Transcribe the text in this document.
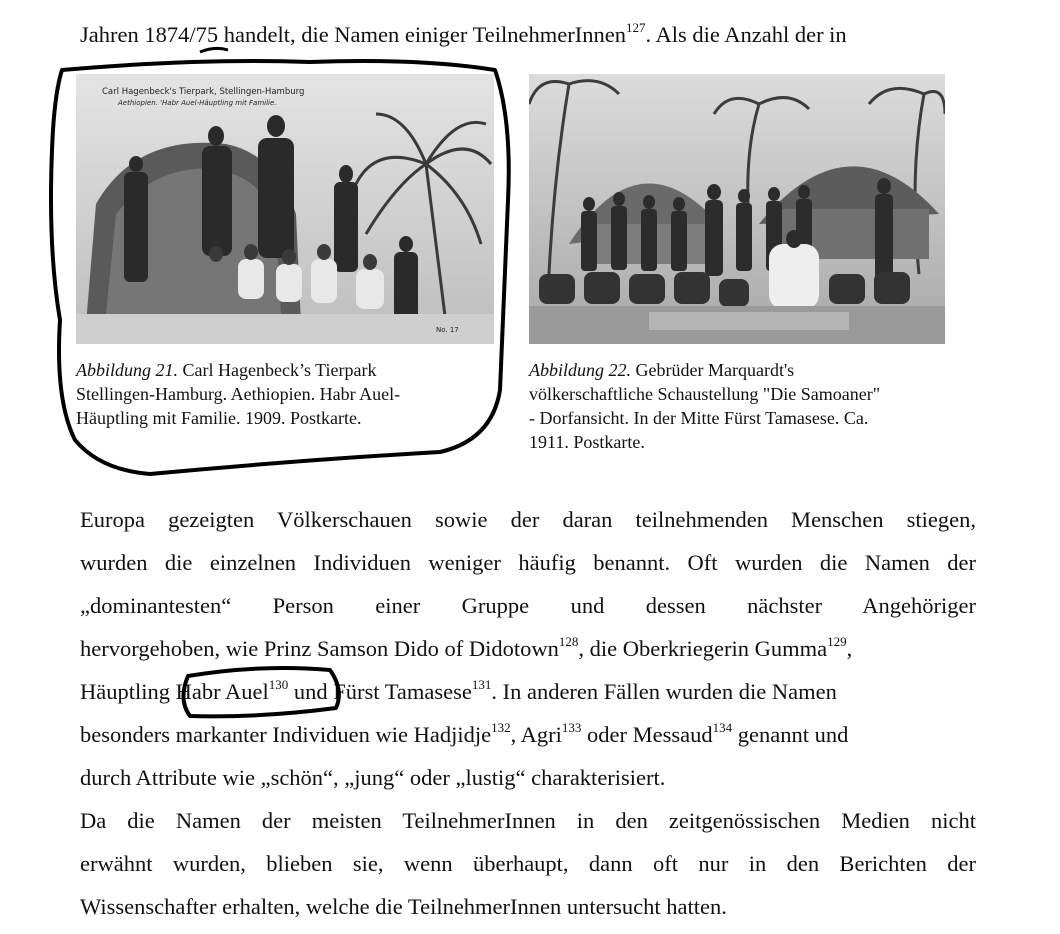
Jahren 1874/75 handelt, die Namen einiger TeilnehmerInnen$^{127}$. Als die Anzahl der in
Carl Hagenbeck's Tierpark, Stellingen-Hamburg
Aethiopien. 'Habr Auel-Häuptling mit Familie.
No. 17
Abbildung 21. Carl Hagenbeck’s Tierpark
Stellingen-Hamburg. Aethiopien. Habr Auel-
Häuptling mit Familie. 1909. Postkarte.
Abbildung 22. Gebrüder Marquardt's
völkerschaftliche Schaustellung "Die Samoaner"
- Dorfansicht. In der Mitte Fürst Tamasese. Ca.
1911. Postkarte.
Europa gezeigten Völkerschauen sowie der daran teilnehmenden Menschen stiegen,
wurden die einzelnen Individuen weniger häufig benannt. Oft wurden die Namen der
„dominantesten“ Person einer Gruppe und dessen nächster Angehöriger
hervorgehoben, wie Prinz Samson Dido of Didotown$^{128}$, die Oberkriegerin Gumma$^{129}$,
Häuptling Habr Auel$^{130}$ und Fürst Tamasese$^{131}$. In anderen Fällen wurden die Namen
besonders markanter Individuen wie Hadjidje$^{132}$, Agri$^{133}$ oder Messaud$^{134}$ genannt und
durch Attribute wie „schön“, „jung“ oder „lustig“ charakterisiert.
Da die Namen der meisten TeilnehmerInnen in den zeitgenössischen Medien nicht
erwähnt wurden, blieben sie, wenn überhaupt, dann oft nur in den Berichten der
Wissenschafter erhalten, welche die TeilnehmerInnen untersucht hatten.
